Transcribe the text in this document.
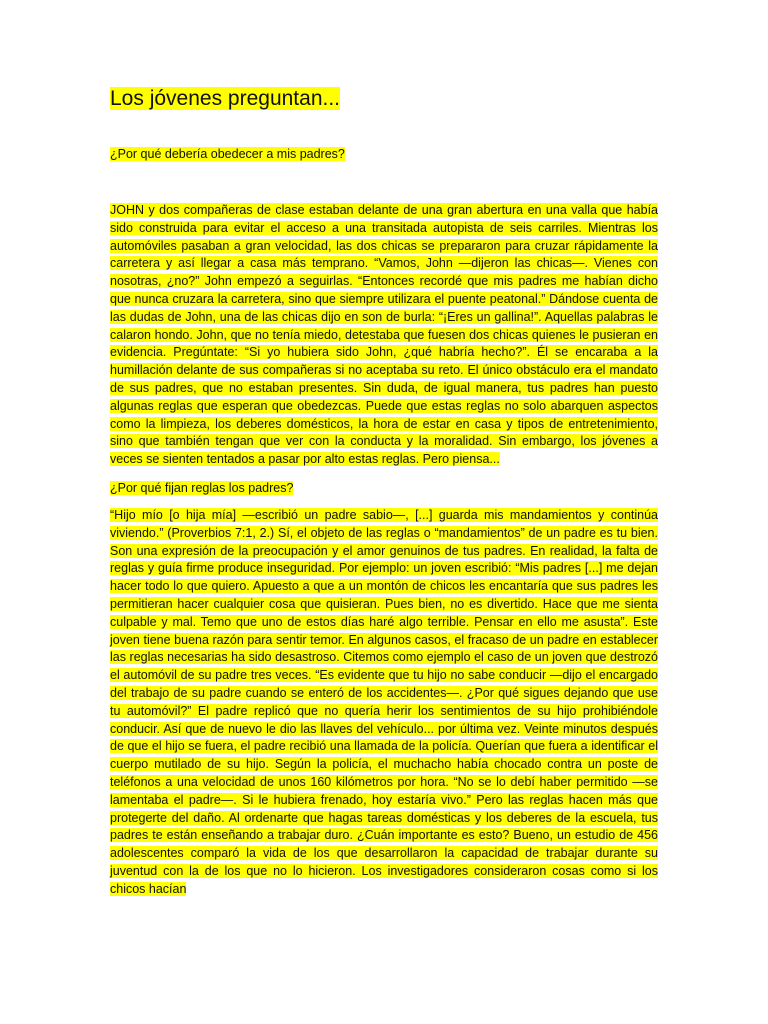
Los jóvenes preguntan...

¿Por qué debería obedecer a mis padres?

JOHN y dos compañeras de clase estaban delante de una gran abertura en una valla que había sido construida para evitar el acceso a una transitada autopista de seis carriles. Mientras los automóviles pasaban a gran velocidad, las dos chicas se prepararon para cruzar rápidamente la carretera y así llegar a casa más temprano. “Vamos, John —dijeron las chicas—. Vienes con nosotras, ¿no?” John empezó a seguirlas. “Entonces recordé que mis padres me habían dicho que nunca cruzara la carretera, sino que siempre utilizara el puente peatonal.” Dándose cuenta de las dudas de John, una de las chicas dijo en son de burla: “¡Eres un gallina!”. Aquellas palabras le calaron hondo. John, que no tenía miedo, detestaba que fuesen dos chicas quienes le pusieran en evidencia. Pregúntate: “Si yo hubiera sido John, ¿qué habría hecho?”. Él se encaraba a la humillación delante de sus compañeras si no aceptaba su reto. El único obstáculo era el mandato de sus padres, que no estaban presentes. Sin duda, de igual manera, tus padres han puesto algunas reglas que esperan que obedezcas. Puede que estas reglas no solo abarquen aspectos como la limpieza, los deberes domésticos, la hora de estar en casa y tipos de entretenimiento, sino que también tengan que ver con la conducta y la moralidad. Sin embargo, los jóvenes a veces se sienten tentados a pasar por alto estas reglas. Pero piensa...

¿Por qué fijan reglas los padres?

“Hijo mío [o hija mía] —escribió un padre sabio—, [...] guarda mis mandamientos y continúa viviendo.” (Proverbios 7:1, 2.) Sí, el objeto de las reglas o “mandamientos” de un padre es tu bien. Son una expresión de la preocupación y el amor genuinos de tus padres. En realidad, la falta de reglas y guía firme produce inseguridad. Por ejemplo: un joven escribió: “Mis padres [...] me dejan hacer todo lo que quiero. Apuesto a que a un montón de chicos les encantaría que sus padres les permitieran hacer cualquier cosa que quisieran. Pues bien, no es divertido. Hace que me sienta culpable y mal. Temo que uno de estos días haré algo terrible. Pensar en ello me asusta”. Este joven tiene buena razón para sentir temor. En algunos casos, el fracaso de un padre en establecer las reglas necesarias ha sido desastroso. Citemos como ejemplo el caso de un joven que destrozó el automóvil de su padre tres veces. “Es evidente que tu hijo no sabe conducir —dijo el encargado del trabajo de su padre cuando se enteró de los accidentes—. ¿Por qué sigues dejando que use tu automóvil?” El padre replicó que no quería herir los sentimientos de su hijo prohibiéndole conducir. Así que de nuevo le dio las llaves del vehículo... por última vez. Veinte minutos después de que el hijo se fuera, el padre recibió una llamada de la policía. Querían que fuera a identificar el cuerpo mutilado de su hijo. Según la policía, el muchacho había chocado contra un poste de teléfonos a una velocidad de unos 160 kilómetros por hora. “No se lo debí haber permitido —se lamentaba el padre—. Si le hubiera frenado, hoy estaría vivo.” Pero las reglas hacen más que protegerte del daño. Al ordenarte que hagas tareas domésticas y los deberes de la escuela, tus padres te están enseñando a trabajar duro. ¿Cuán importante es esto? Bueno, un estudio de 456 adolescentes comparó la vida de los que desarrollaron la capacidad de trabajar durante su juventud con la de los que no lo hicieron. Los investigadores consideraron cosas como si los chicos hacían
